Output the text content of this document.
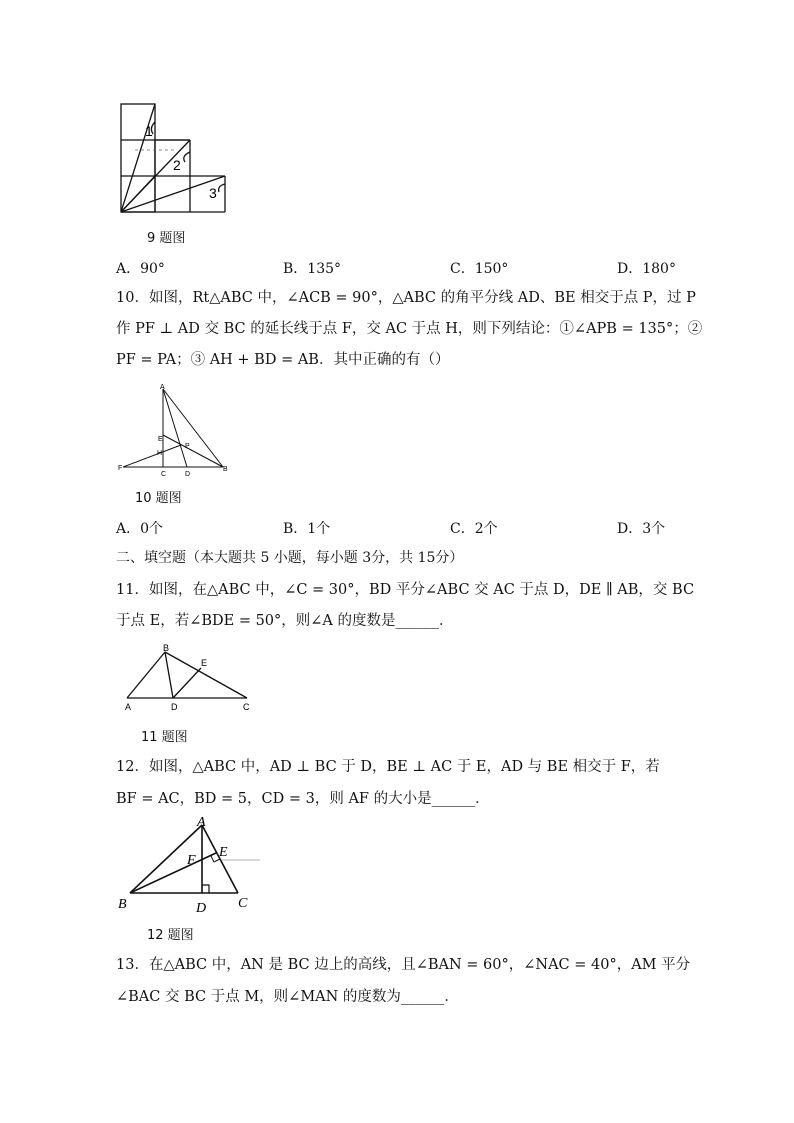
1
2
3
9 题图
A．90°	B．135°	C．150°	D．180°
10．如图，Rt△ABC 中，∠ACB = 90°，△ABC 的角平分线 AD、BE 相交于点 P，过 P
作 PF ⊥ AD 交 BC 的延长线于点 F，交 AC 于点 H，则下列结论：①∠APB = 135°；②
PF = PA；③ AH + BD = AB．其中正确的有（）
A
E
P
H
F
C	D
B
10 题图
A．0个	B．1个	C．2个	D．3个
二、填空题（本大题共 5 小题，每小题 3分，共 15分）
11．如图，在△ABC 中，∠C = 30°，BD 平分∠ABC 交 AC 于点 D，DE ∥ AB，交 BC
于点 E，若∠BDE = 50°，则∠A 的度数是______．
B
E
A	D	C
11 题图
12．如图，△ABC 中，AD ⊥ BC 于 D，BE ⊥ AC 于 E，AD 与 BE 相交于 F，若
BF = AC，BD = 5，CD = 3，则 AF 的大小是______．
A
F
E
B	D C
12 题图
13．在△ABC 中，AN 是 BC 边上的高线，且∠BAN = 60°，∠NAC = 40°，AM 平分
∠BAC 交 BC 于点 M，则∠MAN 的度数为______．
